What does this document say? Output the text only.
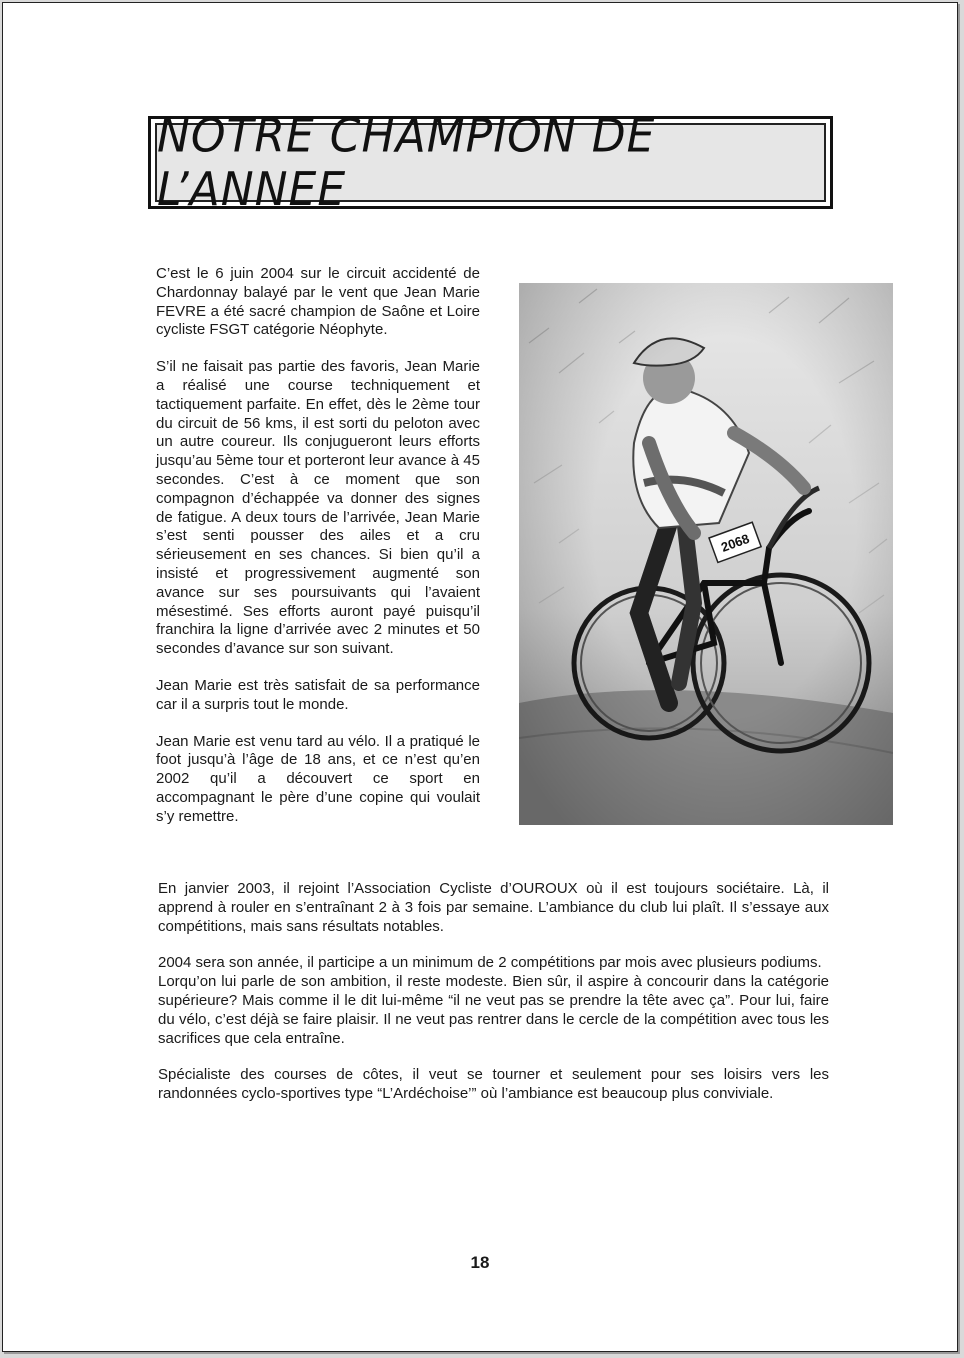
NOTRE CHAMPION DE L’ANNEE

C’est le 6 juin 2004 sur le circuit accidenté de Chardonnay balayé par le vent que Jean Marie FEVRE a été sacré champion de Saône et Loire cycliste FSGT catégorie Néophyte.

S’il ne faisait pas partie des favoris, Jean Marie a réalisé une course techniquement et tactiquement parfaite. En effet, dès le 2ème tour du circuit de 56 kms, il est sorti du peloton avec un autre coureur. Ils conjugueront leurs efforts jusqu’au 5ème tour et porteront leur avance à 45 secondes. C’est à ce moment que son compagnon d’échappée va donner des signes de fatigue. A deux tours de l’arrivée, Jean Marie s’est senti pousser des ailes et a cru sérieusement en ses chances. Si bien qu’il a insisté et progressivement augmenté son avance sur ses poursuivants qui l’avaient mésestimé. Ses efforts auront payé puisqu’il franchira la ligne d’arrivée avec 2 minutes et 50 secondes d’avance sur son suivant.

Jean Marie est très satisfait de sa performance car il a surpris tout le monde.

Jean Marie est venu tard au vélo. Il a pratiqué le foot jusqu’à l’âge de 18 ans, et ce n’est qu’en 2002 qu’il a découvert ce sport en accompagnant le père d’une copine qui voulait s’y remettre.

En janvier 2003, il rejoint l’Association Cycliste d’OUROUX où il est toujours sociétaire. Là, il apprend à rouler en s’entraînant 2 à 3 fois par semaine. L’ambiance du club lui plaît. Il s’essaye aux compétitions, mais sans résultats notables.

2004 sera son année, il participe a un minimum de 2 compétitions par mois avec plusieurs podiums.

Lorqu’on lui parle de son ambition, il reste modeste. Bien sûr, il aspire à concourir dans la catégorie supérieure? Mais comme il le dit lui-même “il ne veut pas se prendre la tête avec ça”. Pour lui, faire du vélo, c’est déjà se faire plaisir. Il ne veut pas rentrer dans le cercle de la compétition avec tous les sacrifices que cela entraîne.

Spécialiste des courses de côtes, il veut se tourner et seulement pour ses loisirs vers les randonnées cyclo-sportives type “L’Ardéchoise’” où l’ambiance est beaucoup plus conviviale.

18
